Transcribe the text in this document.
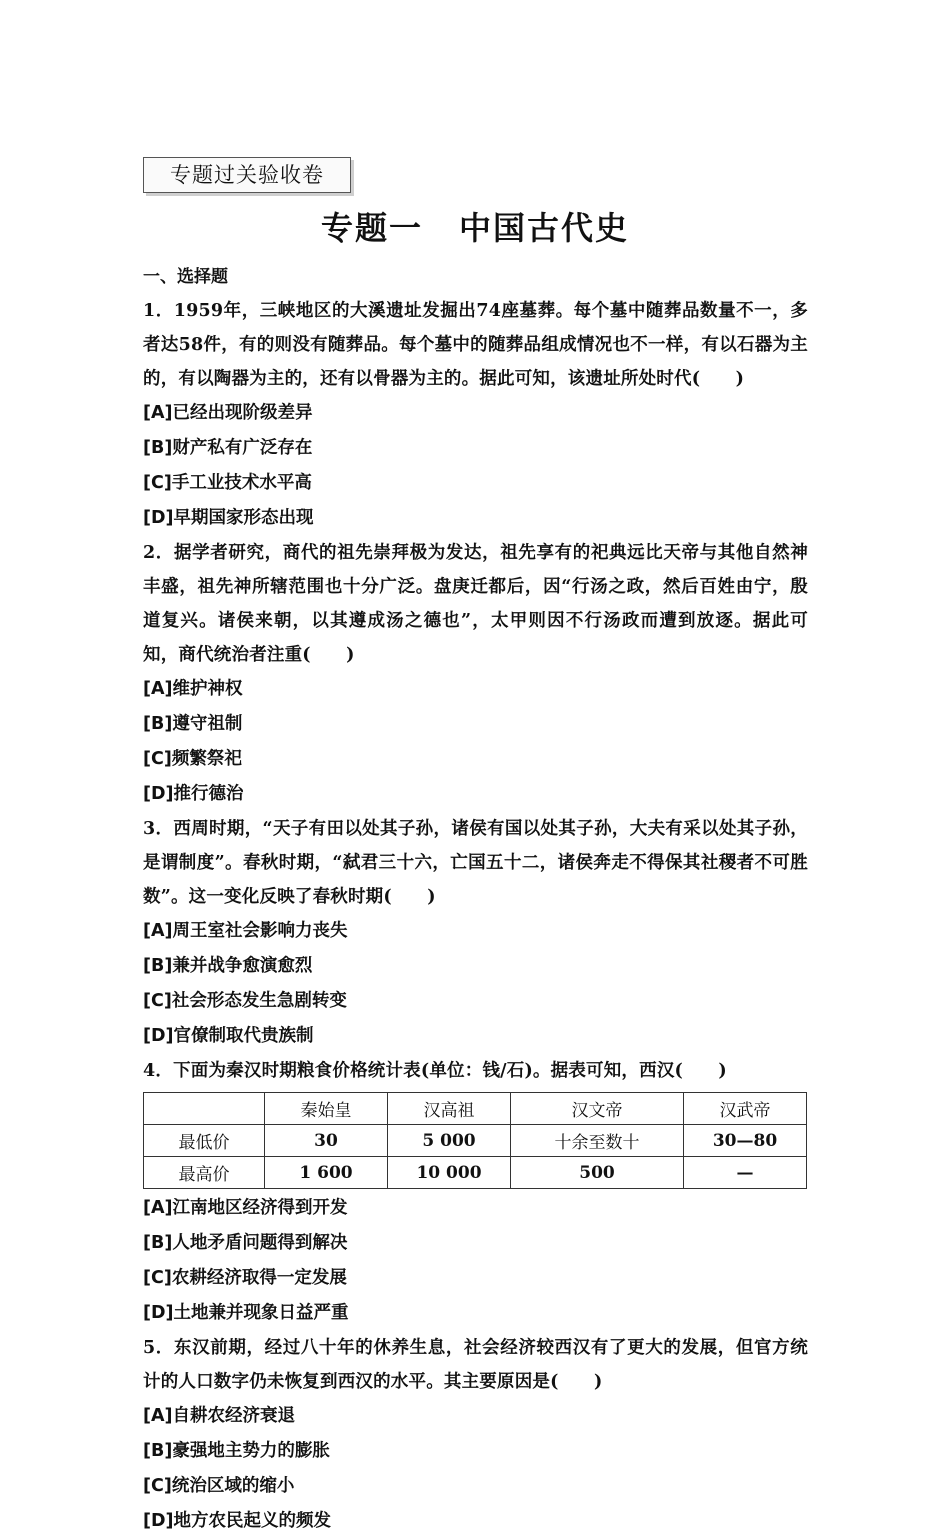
专题过关验收卷
专题一 中国古代史
一、选择题
1．1959年，三峡地区的大溪遗址发掘出74座墓葬。每个墓中随葬品数量不一，多者达58件，有的则没有随葬品。每个墓中的随葬品组成情况也不一样，有以石器为主的，有以陶器为主的，还有以骨器为主的。据此可知，该遗址所处时代(　　)
[A]已经出现阶级差异
[B]财产私有广泛存在
[C]手工业技术水平高
[D]早期国家形态出现
2．据学者研究，商代的祖先崇拜极为发达，祖先享有的祀典远比天帝与其他自然神丰盛，祖先神所辖范围也十分广泛。盘庚迁都后，因“行汤之政，然后百姓由宁，殷道复兴。诸侯来朝，以其遵成汤之德也”，太甲则因不行汤政而遭到放逐。据此可知，商代统治者注重(　　)
[A]维护神权
[B]遵守祖制
[C]频繁祭祀
[D]推行德治
3．西周时期，“天子有田以处其子孙，诸侯有国以处其子孙，大夫有采以处其子孙，是谓制度”。春秋时期，“弑君三十六，亡国五十二，诸侯奔走不得保其社稷者不可胜数”。这一变化反映了春秋时期(　　)
[A]周王室社会影响力丧失
[B]兼并战争愈演愈烈
[C]社会形态发生急剧转变
[D]官僚制取代贵族制
4．下面为秦汉时期粮食价格统计表(单位：钱/石)。据表可知，西汉(　　)
	秦始皇	汉高祖	汉文帝	汉武帝
最低价	30	5 000	十余至数十	30—80
最高价	1 600	10 000	500	—
[A]江南地区经济得到开发
[B]人地矛盾问题得到解决
[C]农耕经济取得一定发展
[D]土地兼并现象日益严重
5．东汉前期，经过八十年的休养生息，社会经济较西汉有了更大的发展，但官方统计的人口数字仍未恢复到西汉的水平。其主要原因是(　　)
[A]自耕农经济衰退
[B]豪强地主势力的膨胀
[C]统治区域的缩小
[D]地方农民起义的频发
